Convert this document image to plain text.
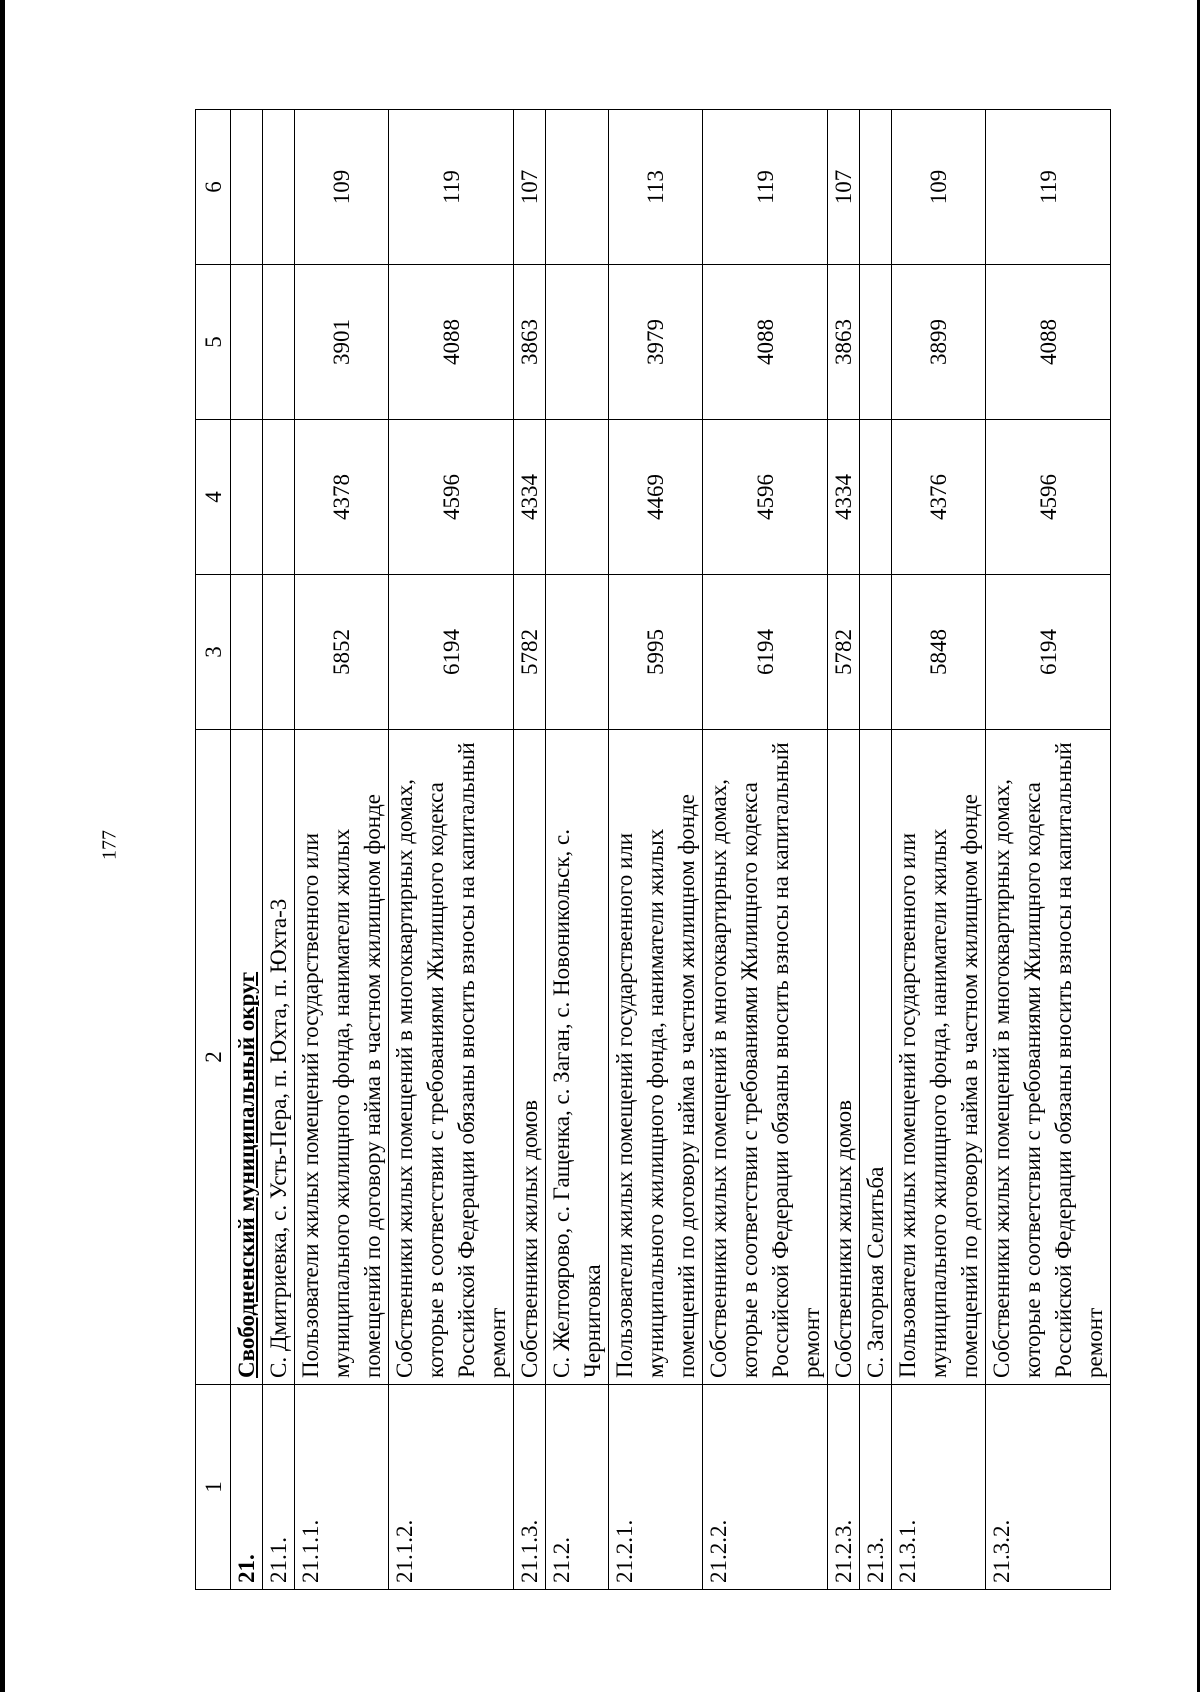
177
1	2	3	4	5	6
21.	Свободненский муниципальный округ				
21.1.	С. Дмитриевка, с. Усть-Пера, п. Юхта, п. Юхта-3				
21.1.1.	Пользователи жилых помещений государственного или муниципального жилищного фонда, наниматели жилых помещений по договору найма в частном жилищном фонде	5852	4378	3901	109
21.1.2.	Собственники жилых помещений в многоквартирных домах, которые в соответствии с требованиями Жилищного кодекса Российской Федерации обязаны вносить взносы на капитальный ремонт	6194	4596	4088	119
21.1.3.	Собственники жилых домов	5782	4334	3863	107
21.2.	С. Желтоярово, с. Гащенка, с. Заган, с. Новоникольск, с. Черниговка				
21.2.1.	Пользователи жилых помещений государственного или муниципального жилищного фонда, наниматели жилых помещений по договору найма в частном жилищном фонде	5995	4469	3979	113
21.2.2.	Собственники жилых помещений в многоквартирных домах, которые в соответствии с требованиями Жилищного кодекса Российской Федерации обязаны вносить взносы на капитальный ремонт	6194	4596	4088	119
21.2.3.	Собственники жилых домов	5782	4334	3863	107
21.3.	С. Загорная Селитьба				
21.3.1.	Пользователи жилых помещений государственного или муниципального жилищного фонда, наниматели жилых помещений по договору найма в частном жилищном фонде	5848	4376	3899	109
21.3.2.	Собственники жилых помещений в многоквартирных домах, которые в соответствии с требованиями Жилищного кодекса Российской Федерации обязаны вносить взносы на капитальный ремонт	6194	4596	4088	119
